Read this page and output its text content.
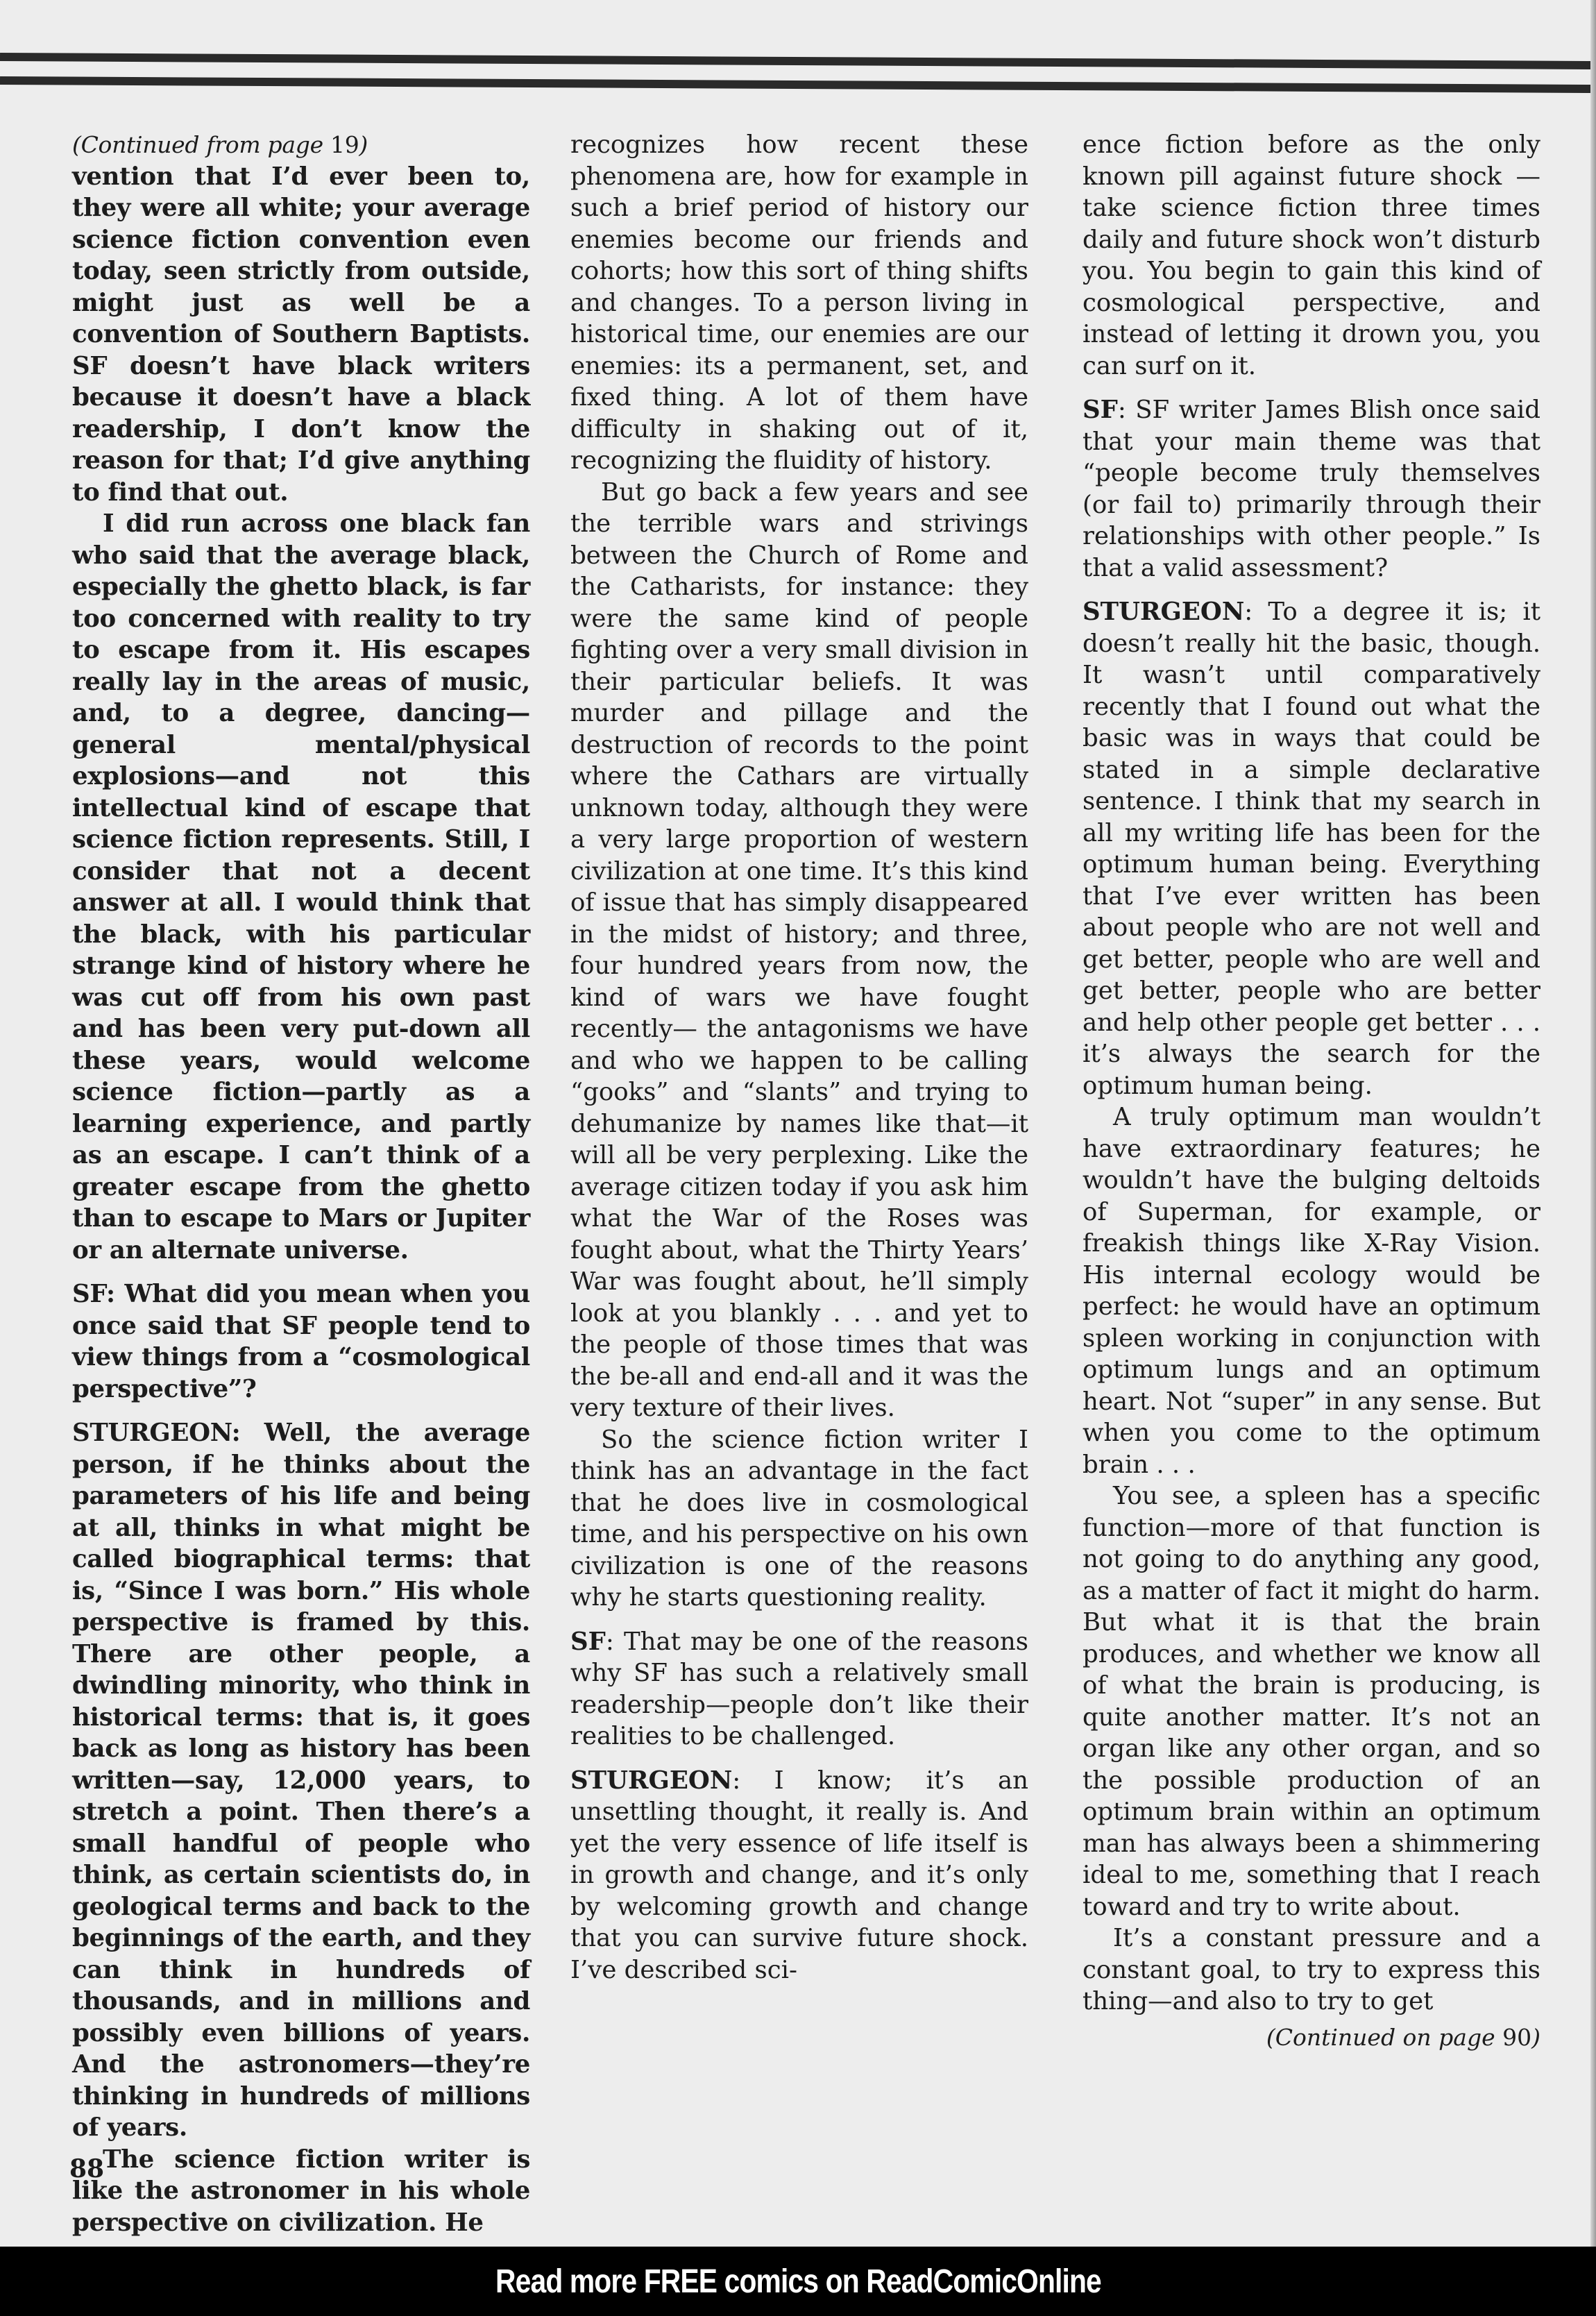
(Continued from page 19)

vention that I’d ever been to, they were all white; your average science fiction convention even today, seen strictly from outside, might just as well be a convention of Southern Baptists. SF doesn’t have black writers because it doesn’t have a black readership, I don’t know the reason for that; I’d give anything to find that out.

I did run across one black fan who said that the average black, especially the ghetto black, is far too concerned with reality to try to escape from it. His escapes really lay in the areas of music, and, to a degree, dancing—general mental/physical explosions—and not this intellectual kind of escape that science fiction represents. Still, I consider that not a decent answer at all. I would think that the black, with his particular strange kind of history where he was cut off from his own past and has been very put-down all these years, would welcome science fiction—partly as a learning experience, and partly as an escape. I can’t think of a greater escape from the ghetto than to escape to Mars or Jupiter or an alternate universe.

SF: What did you mean when you once said that SF people tend to view things from a “cosmological perspective”?

STURGEON: Well, the average person, if he thinks about the parameters of his life and being at all, thinks in what might be called biographical terms: that is, “Since I was born.” His whole perspective is framed by this. There are other people, a dwindling minority, who think in historical terms: that is, it goes back as long as history has been written—say, 12,000 years, to stretch a point. Then there’s a small handful of people who think, as certain scientists do, in geological terms and back to the beginnings of the earth, and they can think in hundreds of thousands, and in millions and possibly even billions of years. And the astronomers—they’re thinking in hundreds of millions of years.

The science fiction writer is like the astronomer in his whole perspective on civilization. He

recognizes how recent these phenomena are, how for example in such a brief period of history our enemies become our friends and cohorts; how this sort of thing shifts and changes. To a person living in historical time, our enemies are our enemies: its a permanent, set, and fixed thing. A lot of them have difficulty in shaking out of it, recognizing the fluidity of history.

But go back a few years and see the terrible wars and strivings between the Church of Rome and the Catharists, for instance: they were the same kind of people fighting over a very small division in their particular beliefs. It was murder and pillage and the destruction of records to the point where the Cathars are virtually unknown today, although they were a very large proportion of western civilization at one time. It’s this kind of issue that has simply disappeared in the midst of history; and three, four hundred years from now, the kind of wars we have fought recently— the antagonisms we have and who we happen to be calling “gooks” and “slants” and trying to dehumanize by names like that—it will all be very perplexing. Like the average citizen today if you ask him what the War of the Roses was fought about, what the Thirty Years’ War was fought about, he’ll simply look at you blankly . . . and yet to the people of those times that was the be-all and end-all and it was the very texture of their lives.

So the science fiction writer I think has an advantage in the fact that he does live in cosmological time, and his perspective on his own civilization is one of the reasons why he starts questioning reality.

SF: That may be one of the reasons why SF has such a relatively small readership—people don’t like their realities to be challenged.

STURGEON: I know; it’s an unsettling thought, it really is. And yet the very essence of life itself is in growth and change, and it’s only by welcoming growth and change that you can survive future shock. I’ve described sci-

ence fiction before as the only known pill against future shock —take science fiction three times daily and future shock won’t disturb you. You begin to gain this kind of cosmological perspective, and instead of letting it drown you, you can surf on it.

SF: SF writer James Blish once said that your main theme was that “people become truly themselves (or fail to) primarily through their relationships with other people.” Is that a valid assessment?

STURGEON: To a degree it is; it doesn’t really hit the basic, though. It wasn’t until comparatively recently that I found out what the basic was in ways that could be stated in a simple declarative sentence. I think that my search in all my writing life has been for the optimum human being. Everything that I’ve ever written has been about people who are not well and get better, people who are well and get better, people who are better and help other people get better . . . it’s always the search for the optimum human being.

A truly optimum man wouldn’t have extraordinary features; he wouldn’t have the bulging deltoids of Superman, for example, or freakish things like X-Ray Vision. His internal ecology would be perfect: he would have an optimum spleen working in conjunction with optimum lungs and an optimum heart. Not “super” in any sense. But when you come to the optimum brain . . .

You see, a spleen has a specific function—more of that function is not going to do anything any good, as a matter of fact it might do harm. But what it is that the brain produces, and whether we know all of what the brain is producing, is quite another matter. It’s not an organ like any other organ, and so the possible production of an optimum brain within an optimum man has always been a shimmering ideal to me, something that I reach toward and try to write about.

It’s a constant pressure and a constant goal, to try to express this thing—and also to try to get

(Continued on page 90)

88
Read more FREE comics on ReadComicOnline
